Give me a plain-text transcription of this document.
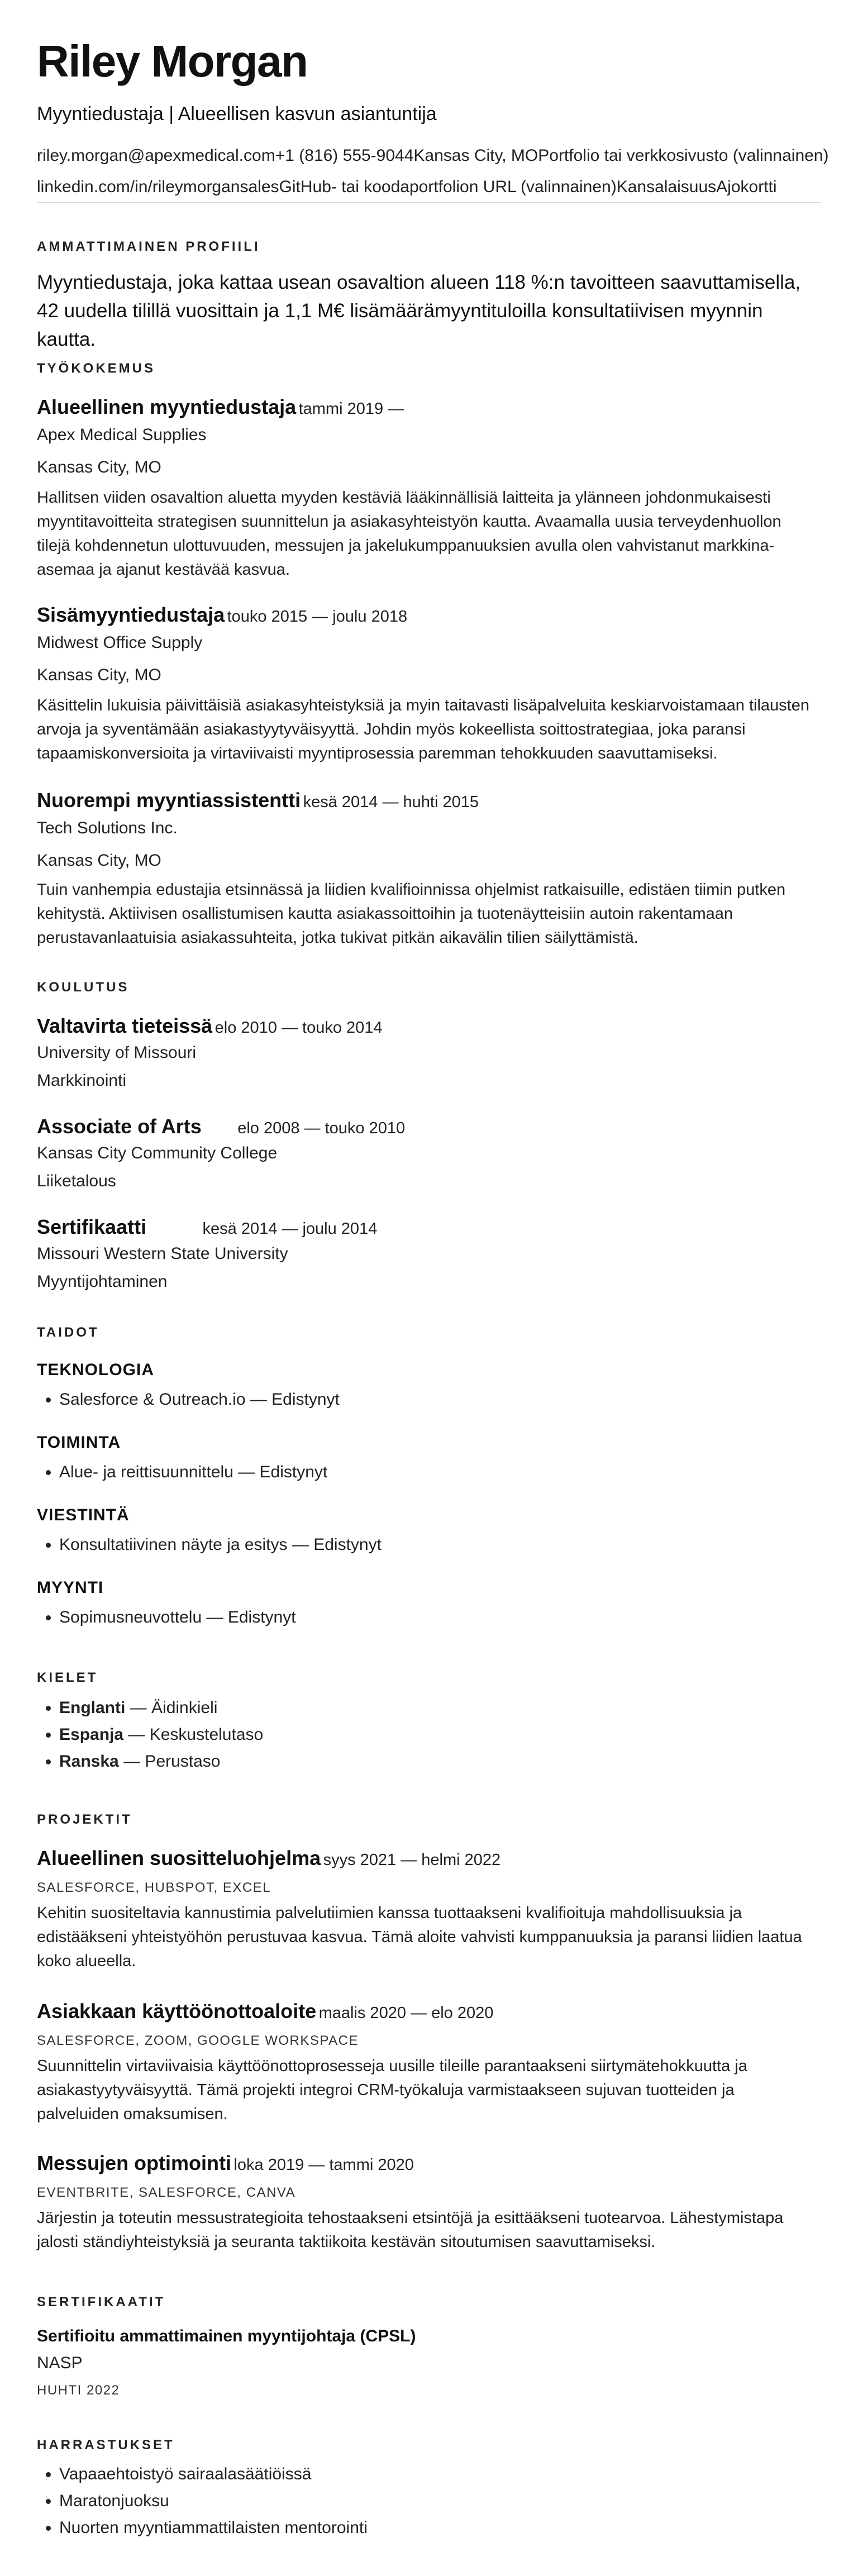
Riley Morgan
Myyntiedustaja | Alueellisen kasvun asiantuntija
riley.morgan@apexmedical.com+1 (816) 555-9044Kansas City, MOPortfolio tai verkkosivusto (valinnainen)
linkedin.com/in/rileymorgansalesGitHub- tai koodaportfolion URL (valinnainen)KansalaisuusAjokortti
AMMATTIMAINEN PROFIILI
Myyntiedustaja, joka kattaa usean osavaltion alueen 118 %:n tavoitteen saavuttamisella, 42 uudella tilillä vuosittain ja 1,1 M€ lisämäärämyyntituloilla konsultatiivisen myynnin kautta.
TYÖKOKEMUS
Alueellinen myyntiedustaja tammi 2019 —
Apex Medical Supplies
Kansas City, MO
Hallitsen viiden osavaltion aluetta myyden kestäviä lääkinnällisiä laitteita ja ylänneen johdonmukaisesti myyntitavoitteita strategisen suunnittelun ja asiakasyhteistyön kautta. Avaamalla uusia terveydenhuollon tilejä kohdennetun ulottuvuuden, messujen ja jakelukumppanuuksien avulla olen vahvistanut markkina-asemaa ja ajanut kestävää kasvua.
Sisämyyntiedustaja touko 2015 — joulu 2018
Midwest Office Supply
Kansas City, MO
Käsittelin lukuisia päivittäisiä asiakasyhteistyksiä ja myin taitavasti lisäpalveluita keskiarvoistamaan tilausten arvoja ja syventämään asiakastyytyväisyyttä. Johdin myös kokeellista soittostrategiaa, joka paransi tapaamiskonversioita ja virtaviivaisti myyntiprosessia paremman tehokkuuden saavuttamiseksi.
Nuorempi myyntiassistentti kesä 2014 — huhti 2015
Tech Solutions Inc.
Kansas City, MO
Tuin vanhempia edustajia etsinnässä ja liidien kvalifioinnissa ohjelmist ratkaisuille, edistäen tiimin putken kehitystä. Aktiivisen osallistumisen kautta asiakassoittoihin ja tuotenäytteisiin autoin rakentamaan perustavanlaatuisia asiakassuhteita, jotka tukivat pitkän aikavälin tilien säilyttämistä.
KOULUTUS
Valtavirta tieteissä elo 2010 — touko 2014
University of Missouri
Markkinointi
Associate of Arts elo 2008 — touko 2010
Kansas City Community College
Liiketalous
Sertifikaatti	kesä 2014 — joulu 2014
Missouri Western State University
Myyntijohtaminen
TAIDOT
TEKNOLOGIA
• Salesforce & Outreach.io — Edistynyt
TOIMINTA
• Alue- ja reittisuunnittelu — Edistynyt
VIESTINTÄ
• Konsultatiivinen näyte ja esitys — Edistynyt
MYYNTI
• Sopimusneuvottelu — Edistynyt
KIELET
• Englanti — Äidinkieli
• Espanja — Keskustelutaso
• Ranska — Perustaso
PROJEKTIT
Alueellinen suositteluohjelma syys 2021 — helmi 2022
SALESFORCE, HUBSPOT, EXCEL
Kehitin suositeltavia kannustimia palvelutiimien kanssa tuottaakseni kvalifioituja mahdollisuuksia ja edistääkseni yhteistyöhön perustuvaa kasvua. Tämä aloite vahvisti kumppanuuksia ja paransi liidien laatua koko alueella.
Asiakkaan käyttöönottoaloite maalis 2020 — elo 2020
SALESFORCE, ZOOM, GOOGLE WORKSPACE
Suunnittelin virtaviivaisia käyttöönottoprosesseja uusille tileille parantaakseni siirtymätehokkuutta ja asiakastyytyväisyyttä. Tämä projekti integroi CRM-työkaluja varmistaakseen sujuvan tuotteiden ja palveluiden omaksumisen.
Messujen optimointi loka 2019 — tammi 2020
EVENTBRITE, SALESFORCE, CANVA
Järjestin ja toteutin messustrategioita tehostaakseni etsintöjä ja esittääkseni tuotearvoa. Lähestymistapa jalosti ständiyhteistyksiä ja seuranta taktiikoita kestävän sitoutumisen saavuttamiseksi.
SERTIFIKAATIT
Sertifioitu ammattimainen myyntijohtaja (CPSL)
NASP
HUHTI 2022
HARRASTUKSET
• Vapaaehtoistyö sairaalasäätiöissä
• Maratonjuoksu
• Nuorten myyntiammattilaisten mentorointi
